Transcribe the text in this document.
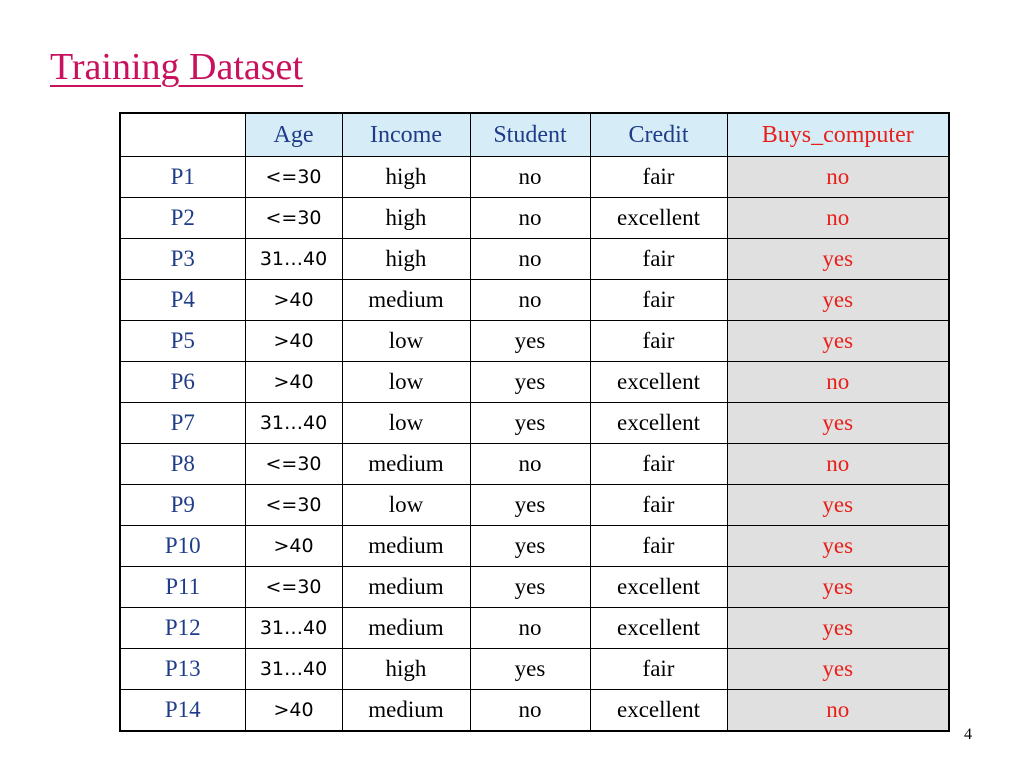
Training Dataset
	Age	Income	Student	Credit	Buys_computer
P1	<=30	high	no	fair	no
P2	<=30	high	no	excellent	no
P3	31…40	high	no	fair	yes
P4	>40	medium	no	fair	yes
P5	>40	low	yes	fair	yes
P6	>40	low	yes	excellent	no
P7	31…40	low	yes	excellent	yes
P8	<=30	medium	no	fair	no
P9	<=30	low	yes	fair	yes
P10	>40	medium	yes	fair	yes
P11	<=30	medium	yes	excellent	yes
P12	31…40	medium	no	excellent	yes
P13	31…40	high	yes	fair	yes
P14	>40	medium	no	excellent	no
4
